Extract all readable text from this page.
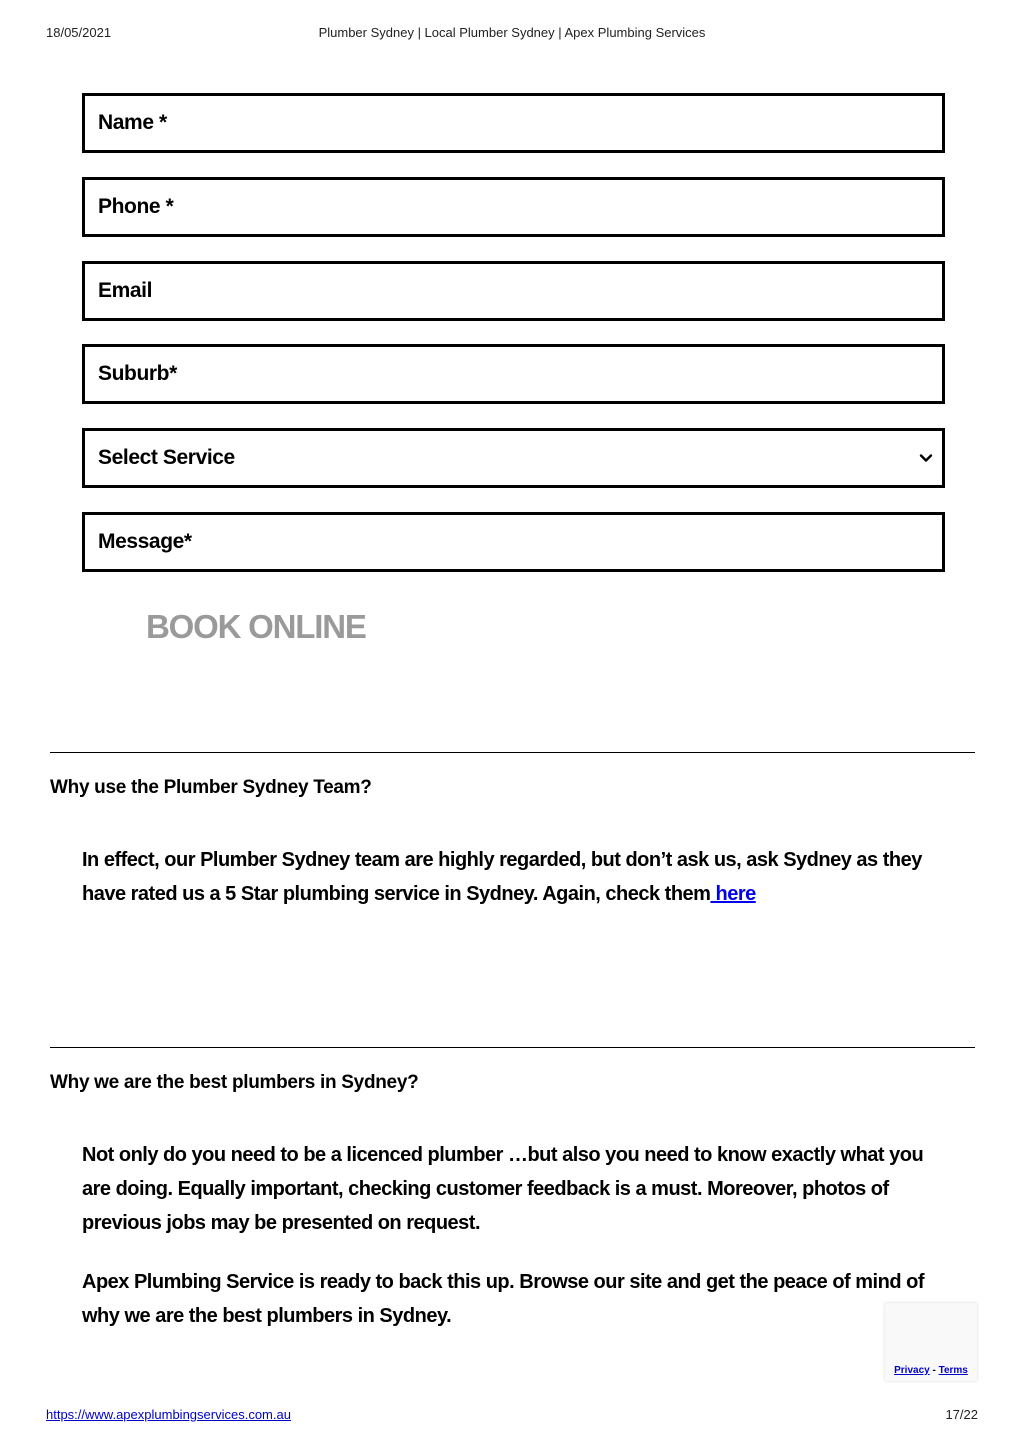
18/05/2021	Plumber Sydney | Local Plumber Sydney | Apex Plumbing Services
Name *
Phone *
Email
Suburb*
Select Service
Message*
BOOK ONLINE
Why use the Plumber Sydney Team?
In effect, our Plumber Sydney team are highly regarded, but don’t ask us, ask Sydney as they have rated us a 5 Star plumbing service in Sydney. Again, check them here
Why we are the best plumbers in Sydney?
Not only do you need to be a licenced plumber …but also you need to know exactly what you are doing. Equally important, checking customer feedback is a must. Moreover, photos of previous jobs may be presented on request.
Apex Plumbing Service is ready to back this up. Browse our site and get the peace of mind of why we are the best plumbers in Sydney.
Privacy - Terms
https://www.apexplumbingservices.com.au	17/22
